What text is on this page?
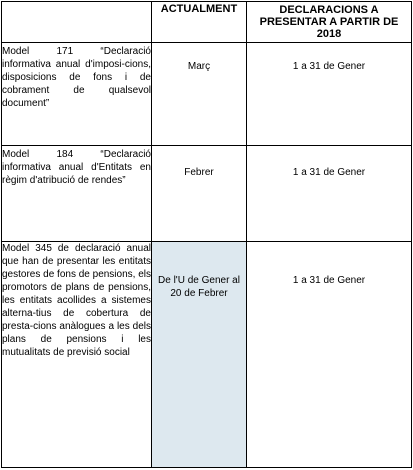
	ACTUALMENT	DECLARACIONS A PRESENTAR A PARTIR DE 2018

Model 171 “Declaració informativa anual d'imposi-cions, disposicions de fons i de cobrament de qualsevol document”	Març	1 a 31 de Gener

Model 184 “Declaració informativa anual d'Entitats en règim d'atribució de rendes”	Febrer	1 a 31 de Gener

Model 345 de declaració anual que han de presentar les entitats gestores de fons de pensions, els promotors de plans de pensions, les entitats acollides a sistemes alterna-tius de cobertura de presta-cions anàlogues a les dels plans de pensions i les mutualitats de previsió social	De l'U de Gener al 20 de Febrer	1 a 31 de Gener
